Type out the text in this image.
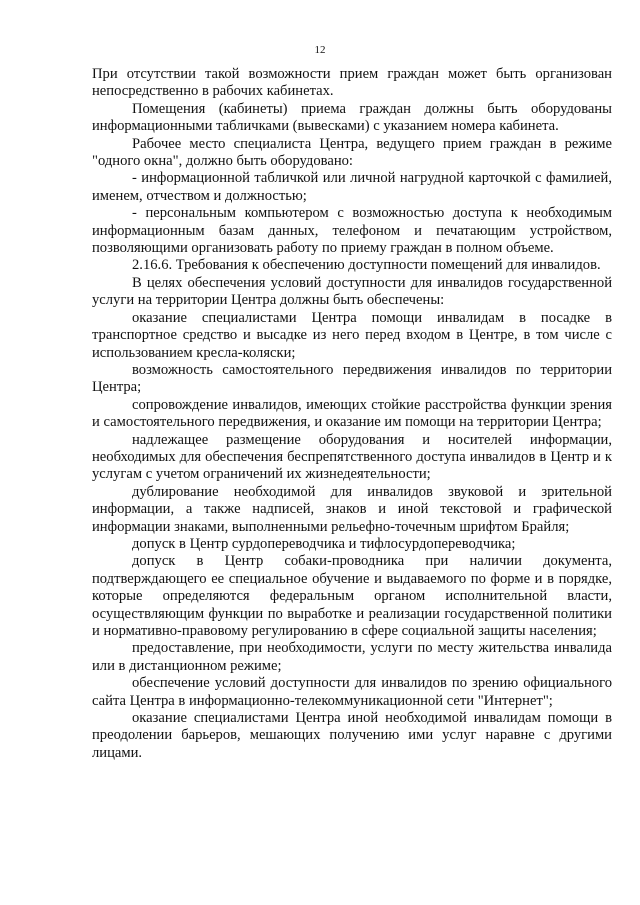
12

При отсутствии такой возможности прием граждан может быть организован непосредственно в рабочих кабинетах.

Помещения (кабинеты) приема граждан должны быть оборудованы информационными табличками (вывесками) с указанием номера кабинета.

Рабочее место специалиста Центра, ведущего прием граждан в режиме "одного окна", должно быть оборудовано:

- информационной табличкой или личной нагрудной карточкой с фамилией, именем, отчеством и должностью;

- персональным компьютером с возможностью доступа к необходимым информационным базам данных, телефоном и печатающим устройством, позволяющими организовать работу по приему граждан в полном объеме.

2.16.6. Требования к обеспечению доступности помещений для инвалидов.

В целях обеспечения условий доступности для инвалидов государственной услуги на территории Центра должны быть обеспечены:

оказание специалистами Центра помощи инвалидам в посадке в транспортное средство и высадке из него перед входом в Центре, в том числе с использованием кресла-коляски;

возможность самостоятельного передвижения инвалидов по территории Центра;

сопровождение инвалидов, имеющих стойкие расстройства функции зрения и самостоятельного передвижения, и оказание им помощи на территории Центра;

надлежащее размещение оборудования и носителей информации, необходимых для обеспечения беспрепятственного доступа инвалидов в Центр и к услугам с учетом ограничений их жизнедеятельности;

дублирование необходимой для инвалидов звуковой и зрительной информации, а также надписей, знаков и иной текстовой и графической информации знаками, выполненными рельефно-точечным шрифтом Брайля;

допуск в Центр сурдопереводчика и тифлосурдопереводчика;

допуск в Центр собаки-проводника при наличии документа, подтверждающего ее специальное обучение и выдаваемого по форме и в порядке, которые определяются федеральным органом исполнительной власти, осуществляющим функции по выработке и реализации государственной политики и нормативно-правовому регулированию в сфере социальной защиты населения;

предоставление, при необходимости, услуги по месту жительства инвалида или в дистанционном режиме;

обеспечение условий доступности для инвалидов по зрению официального сайта Центра в информационно-телекоммуникационной сети "Интернет";

оказание специалистами Центра иной необходимой инвалидам помощи в преодолении барьеров, мешающих получению ими услуг наравне с другими лицами.
